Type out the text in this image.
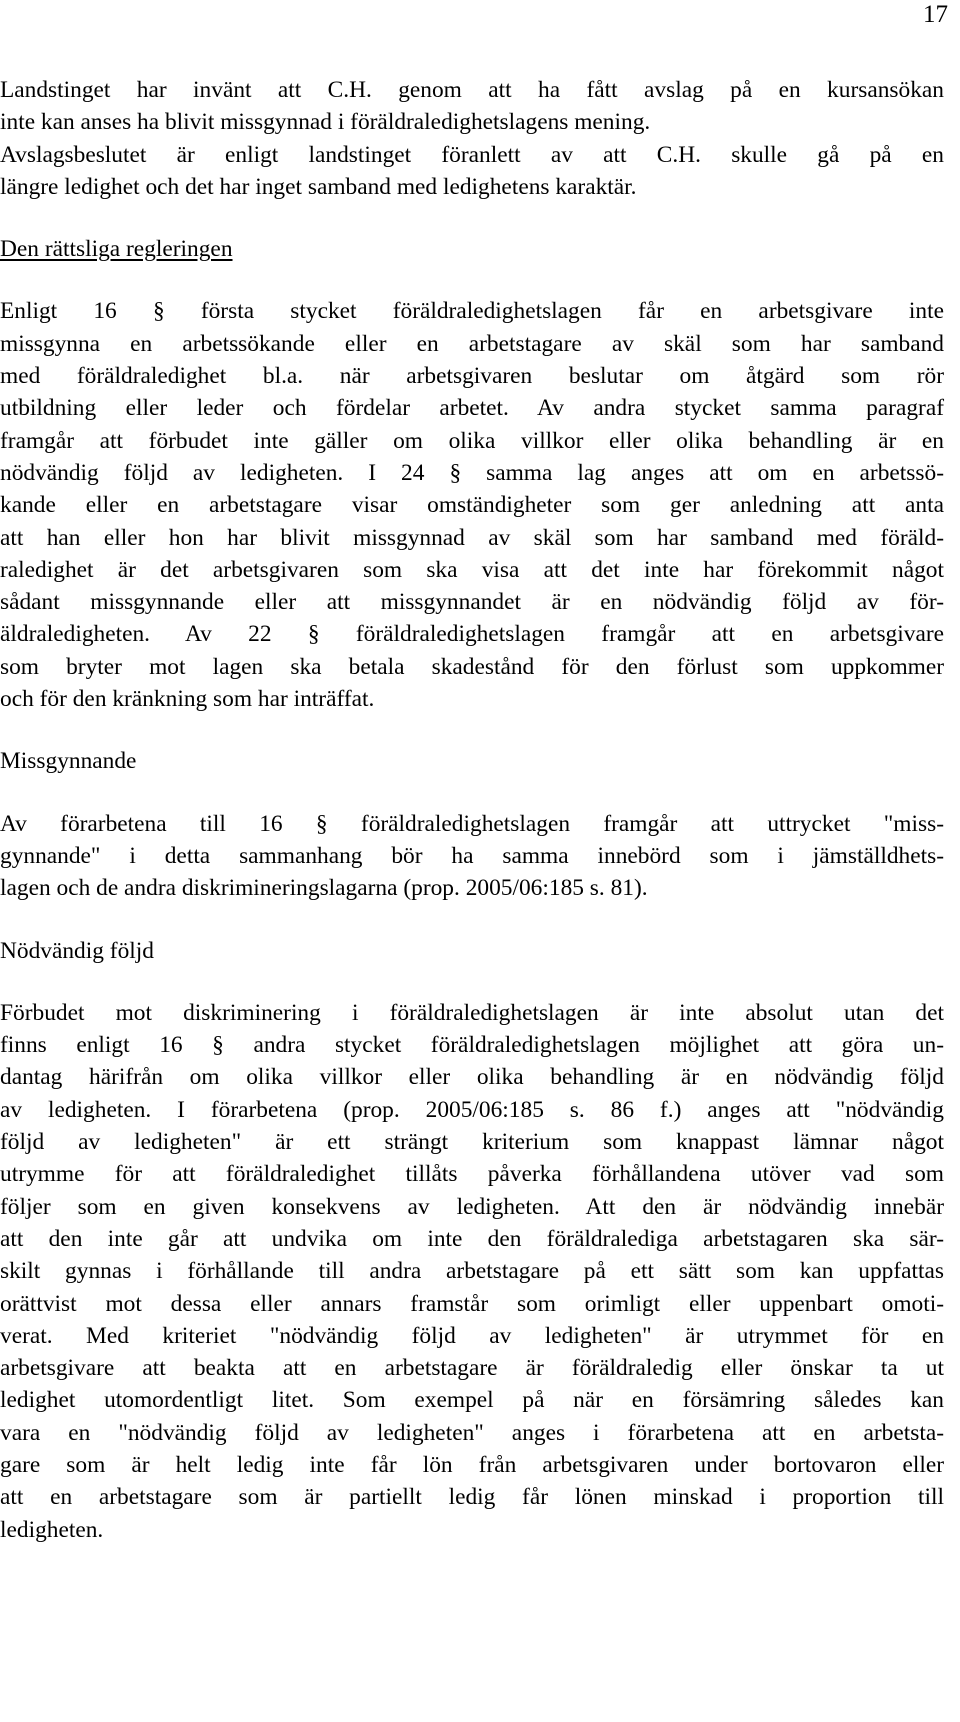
17
Landstinget har invänt att C.H. genom att ha fått avslag på en kursansökan
inte kan anses ha blivit missgynnad i föräldraledighetslagens mening.
Avslagsbeslutet är enligt landstinget föranlett av att C.H. skulle gå på en
längre ledighet och det har inget samband med ledighetens karaktär.
Den rättsliga regleringen
Enligt 16 § första stycket föräldraledighetslagen får en arbetsgivare inte
missgynna en arbetssökande eller en arbetstagare av skäl som har samband
med föräldraledighet bl.a. när arbetsgivaren beslutar om åtgärd som rör
utbildning eller leder och fördelar arbetet. Av andra stycket samma paragraf
framgår att förbudet inte gäller om olika villkor eller olika behandling är en
nödvändig följd av ledigheten. I 24 § samma lag anges att om en arbetssö-
kande eller en arbetstagare visar omständigheter som ger anledning att anta
att han eller hon har blivit missgynnad av skäl som har samband med föräld-
raledighet är det arbetsgivaren som ska visa att det inte har förekommit något
sådant missgynnande eller att missgynnandet är en nödvändig följd av för-
äldraledigheten. Av 22 § föräldraledighetslagen framgår att en arbetsgivare
som bryter mot lagen ska betala skadestånd för den förlust som uppkommer
och för den kränkning som har inträffat.
Missgynnande
Av förarbetena till 16 § föräldraledighetslagen framgår att uttrycket "miss-
gynnande" i detta sammanhang bör ha samma innebörd som i jämställdhets-
lagen och de andra diskrimineringslagarna (prop. 2005/06:185 s. 81).
Nödvändig följd
Förbudet mot diskriminering i föräldraledighetslagen är inte absolut utan det
finns enligt 16 § andra stycket föräldraledighetslagen möjlighet att göra un-
dantag härifrån om olika villkor eller olika behandling är en nödvändig följd
av ledigheten. I förarbetena (prop. 2005/06:185 s. 86 f.) anges att "nödvändig
följd av ledigheten" är ett strängt kriterium som knappast lämnar något
utrymme för att föräldraledighet tillåts påverka förhållandena utöver vad som
följer som en given konsekvens av ledigheten. Att den är nödvändig innebär
att den inte går att undvika om inte den föräldralediga arbetstagaren ska sär-
skilt gynnas i förhållande till andra arbetstagare på ett sätt som kan uppfattas
orättvist mot dessa eller annars framstår som orimligt eller uppenbart omoti-
verat. Med kriteriet "nödvändig följd av ledigheten" är utrymmet för en
arbetsgivare att beakta att en arbetstagare är föräldraledig eller önskar ta ut
ledighet utomordentligt litet. Som exempel på när en försämring således kan
vara en "nödvändig följd av ledigheten" anges i förarbetena att en arbetsta-
gare som är helt ledig inte får lön från arbetsgivaren under bortovaron eller
att en arbetstagare som är partiellt ledig får lönen minskad i proportion till
ledigheten.
